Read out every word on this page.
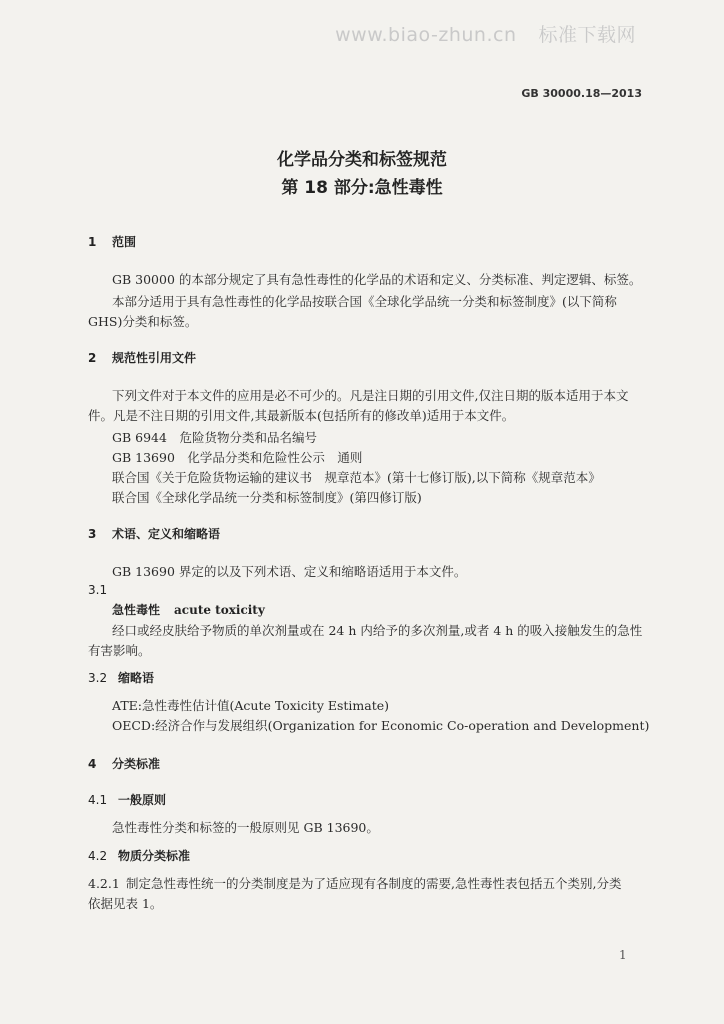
www.biao-zhun.cn 标准下载网
GB 30000.18—2013
化学品分类和标签规范
第 18 部分:急性毒性
1 范围
GB 30000 的本部分规定了具有急性毒性的化学品的术语和定义、分类标准、判定逻辑、标签。
本部分适用于具有急性毒性的化学品按联合国《全球化学品统一分类和标签制度》(以下简称
GHS)分类和标签。
2 规范性引用文件
下列文件对于本文件的应用是必不可少的。凡是注日期的引用文件,仅注日期的版本适用于本文
件。凡是不注日期的引用文件,其最新版本(包括所有的修改单)适用于本文件。
GB 6944　危险货物分类和品名编号
GB 13690　化学品分类和危险性公示　通则
联合国《关于危险货物运输的建议书　规章范本》(第十七修订版),以下简称《规章范本》
联合国《全球化学品统一分类和标签制度》(第四修订版)
3 术语、定义和缩略语
GB 13690 界定的以及下列术语、定义和缩略语适用于本文件。
3.1
急性毒性 acute toxicity
经口或经皮肤给予物质的单次剂量或在 24 h 内给予的多次剂量,或者 4 h 的吸入接触发生的急性
有害影响。
3.2 缩略语
ATE:急性毒性估计值(Acute Toxicity Estimate)
OECD:经济合作与发展组织(Organization for Economic Co-operation and Development)
4 分类标准
4.1 一般原则
急性毒性分类和标签的一般原则见 GB 13690。
4.2 物质分类标准
4.2.1 制定急性毒性统一的分类制度是为了适应现有各制度的需要,急性毒性表包括五个类别,分类
依据见表 1。
1
